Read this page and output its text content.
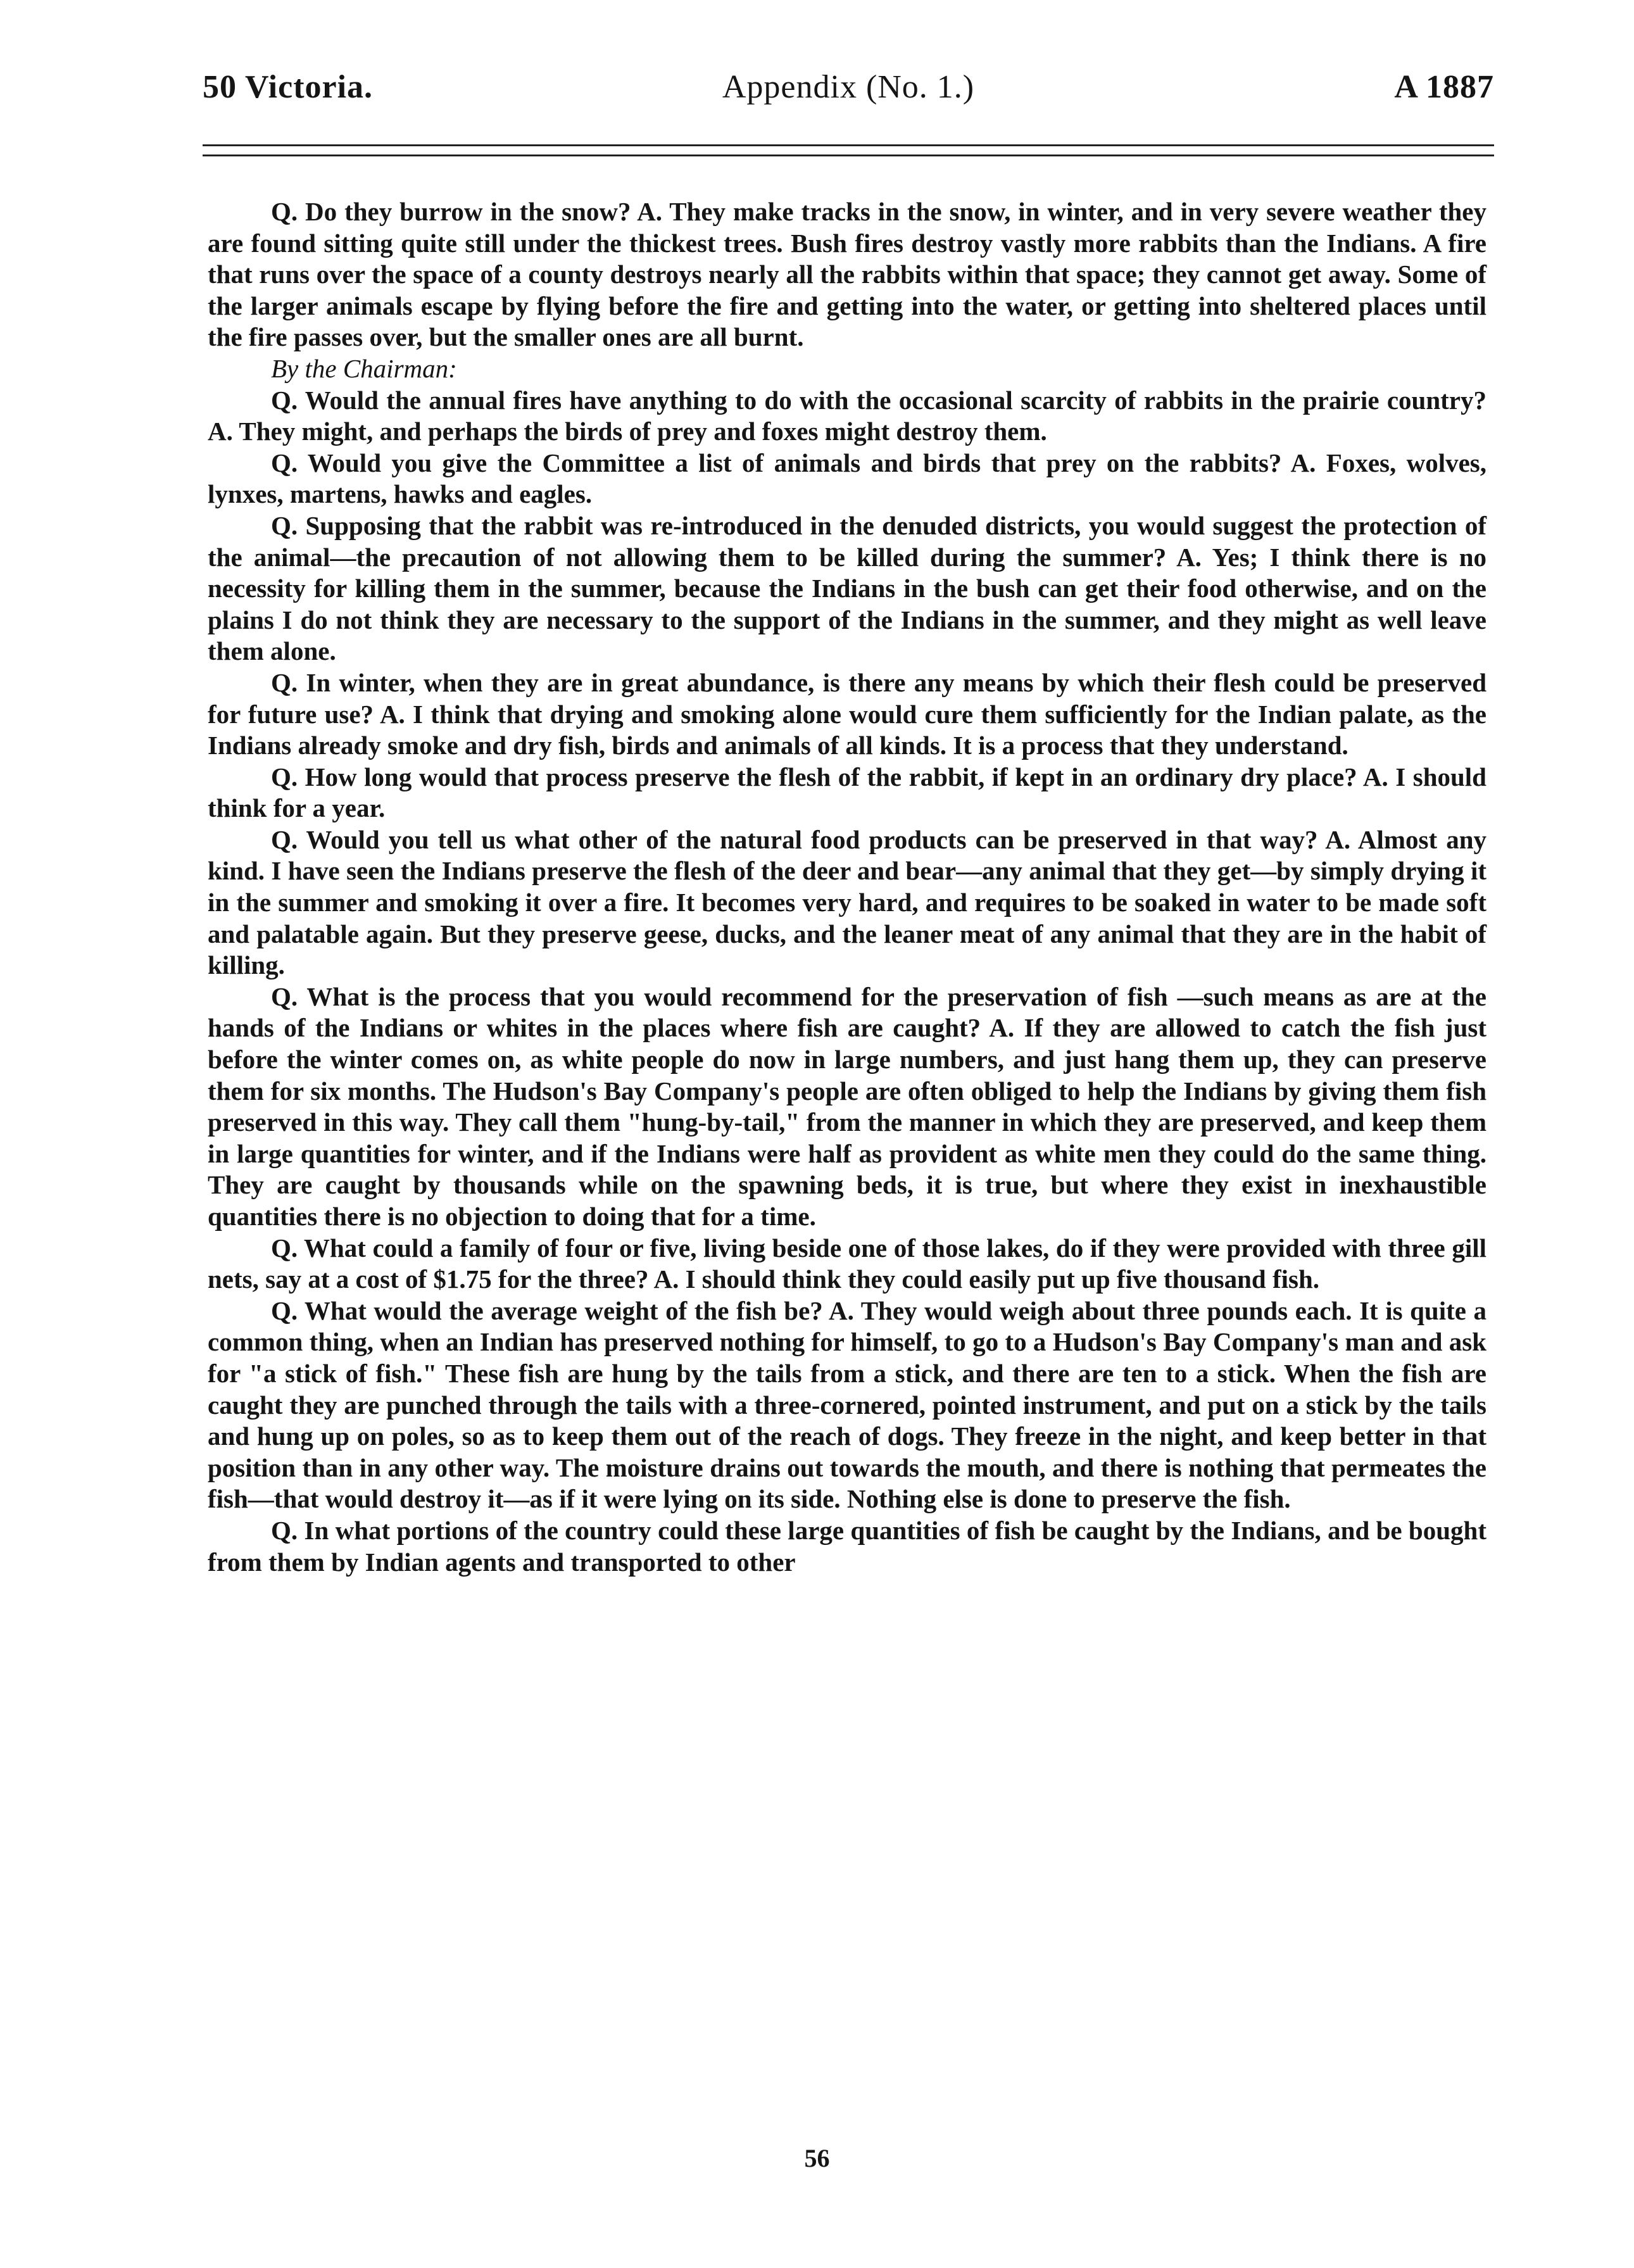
Appendix (No. 1.)
50 Victoria.	A 1887

Q. Do they burrow in the snow? A. They make tracks in the snow, in winter, and in very severe weather they are found sitting quite still under the thickest trees. Bush fires destroy vastly more rabbits than the Indians. A fire that runs over the space of a county destroys nearly all the rabbits within that space; they cannot get away. Some of the larger animals escape by flying before the fire and getting into the water, or getting into sheltered places until the fire passes over, but the smaller ones are all burnt.

By the Chairman:

Q. Would the annual fires have anything to do with the occasional scarcity of rabbits in the prairie country? A. They might, and perhaps the birds of prey and foxes might destroy them.

Q. Would you give the Committee a list of animals and birds that prey on the rabbits? A. Foxes, wolves, lynxes, martens, hawks and eagles.

Q. Supposing that the rabbit was re-introduced in the denuded districts, you would suggest the protection of the animal—the precaution of not allowing them to be killed during the summer? A. Yes; I think there is no necessity for killing them in the summer, because the Indians in the bush can get their food otherwise, and on the plains I do not think they are necessary to the support of the Indians in the summer, and they might as well leave them alone.

Q. In winter, when they are in great abundance, is there any means by which their flesh could be preserved for future use? A. I think that drying and smoking alone would cure them sufficiently for the Indian palate, as the Indians already smoke and dry fish, birds and animals of all kinds. It is a process that they understand.

Q. How long would that process preserve the flesh of the rabbit, if kept in an ordinary dry place? A. I should think for a year.

Q. Would you tell us what other of the natural food products can be preserved in that way? A. Almost any kind. I have seen the Indians preserve the flesh of the deer and bear—any animal that they get—by simply drying it in the summer and smoking it over a fire. It becomes very hard, and requires to be soaked in water to be made soft and palatable again. But they preserve geese, ducks, and the leaner meat of any animal that they are in the habit of killing.

Q. What is the process that you would recommend for the preservation of fish —such means as are at the hands of the Indians or whites in the places where fish are caught? A. If they are allowed to catch the fish just before the winter comes on, as white people do now in large numbers, and just hang them up, they can preserve them for six months. The Hudson's Bay Company's people are often obliged to help the Indians by giving them fish preserved in this way. They call them "hung-by-tail," from the manner in which they are preserved, and keep them in large quantities for winter, and if the Indians were half as provident as white men they could do the same thing. They are caught by thousands while on the spawning beds, it is true, but where they exist in inexhaustible quantities there is no objection to doing that for a time.

Q. What could a family of four or five, living beside one of those lakes, do if they were provided with three gill nets, say at a cost of $1.75 for the three? A. I should think they could easily put up five thousand fish.

Q. What would the average weight of the fish be? A. They would weigh about three pounds each. It is quite a common thing, when an Indian has preserved nothing for himself, to go to a Hudson's Bay Company's man and ask for "a stick of fish." These fish are hung by the tails from a stick, and there are ten to a stick. When the fish are caught they are punched through the tails with a three-cornered, pointed instrument, and put on a stick by the tails and hung up on poles, so as to keep them out of the reach of dogs. They freeze in the night, and keep better in that position than in any other way. The moisture drains out towards the mouth, and there is nothing that permeates the fish—that would destroy it—as if it were lying on its side. Nothing else is done to preserve the fish.

Q. In what portions of the country could these large quantities of fish be caught by the Indians, and be bought from them by Indian agents and transported to other

56
